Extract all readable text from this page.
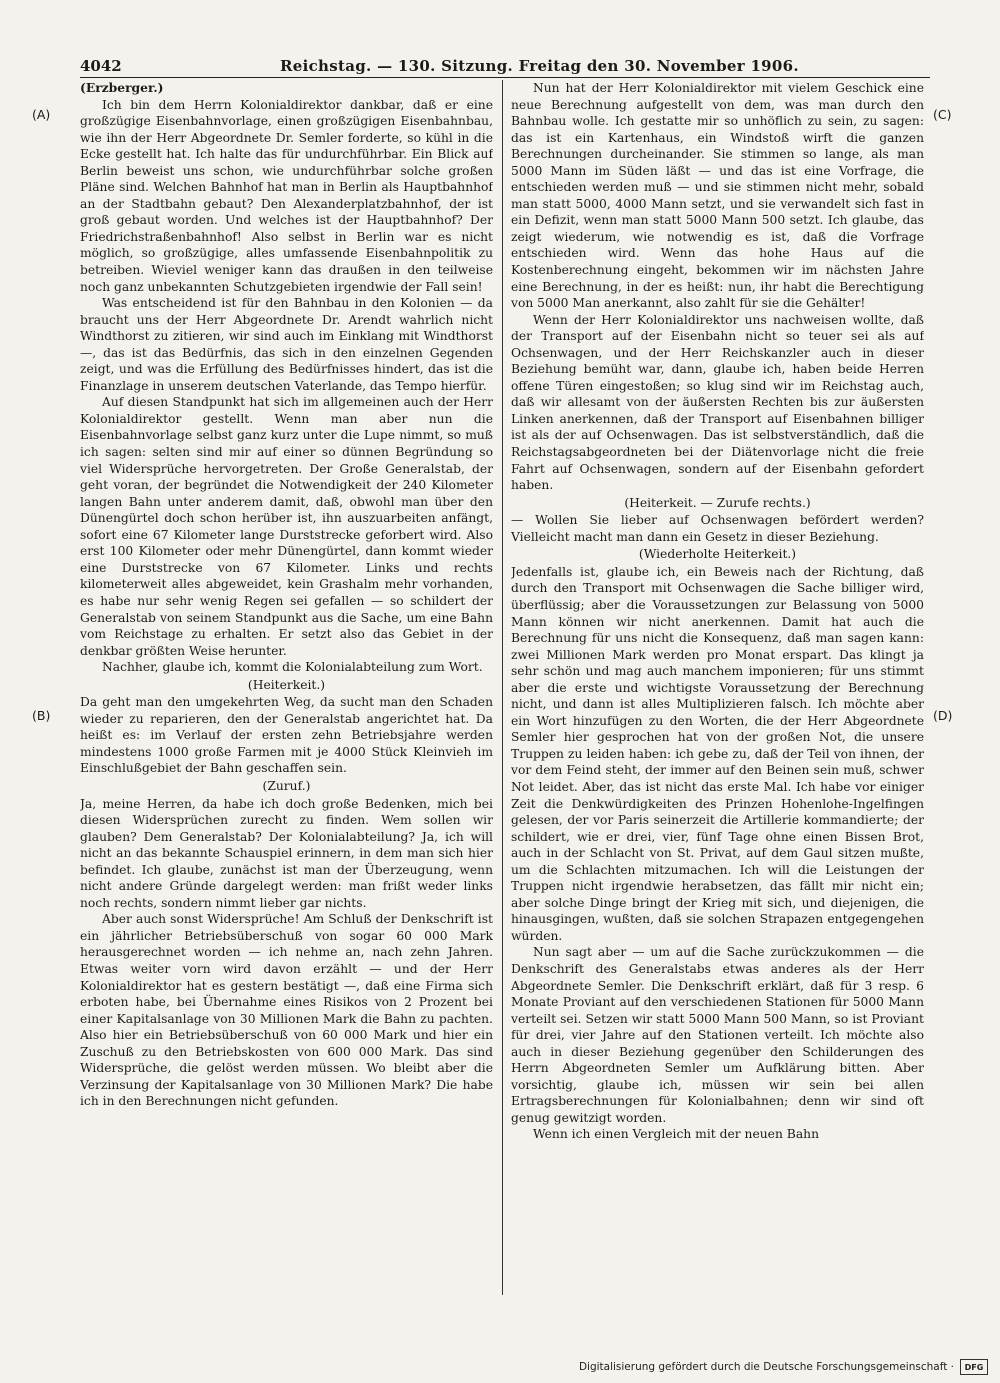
4042	Reichstag. — 130. Sitzung. Freitag den 30. November 1906.
(A)
(B)
(C)
(D)

(Erzberger.)

Ich bin dem Herrn Kolonialdirektor dankbar, daß er eine großzügige Eisenbahnvorlage, einen großzügigen Eisenbahnbau, wie ihn der Herr Abgeordnete Dr. Semler forderte, so kühl in die Ecke gestellt hat. Ich halte das für undurchführbar. Ein Blick auf Berlin beweist uns schon, wie undurchführbar solche großen Pläne sind. Welchen Bahnhof hat man in Berlin als Hauptbahnhof an der Stadtbahn gebaut? Den Alexanderplatzbahnhof, der ist groß gebaut worden. Und welches ist der Hauptbahnhof? Der Friedrichstraßenbahnhof! Also selbst in Berlin war es nicht möglich, so großzügige, alles umfassende Eisenbahnpolitik zu betreiben. Wieviel weniger kann das draußen in den teilweise noch ganz unbekannten Schutzgebieten irgendwie der Fall sein!

Was entscheidend ist für den Bahnbau in den Kolonien — da braucht uns der Herr Abgeordnete Dr. Arendt wahrlich nicht Windthorst zu zitieren, wir sind auch im Einklang mit Windthorst —, das ist das Bedürfnis, das sich in den einzelnen Gegenden zeigt, und was die Erfüllung des Bedürfnisses hindert, das ist die Finanzlage in unserem deutschen Vaterlande, das Tempo hierfür.

Auf diesen Standpunkt hat sich im allgemeinen auch der Herr Kolonialdirektor gestellt. Wenn man aber nun die Eisenbahnvorlage selbst ganz kurz unter die Lupe nimmt, so muß ich sagen: selten sind mir auf einer so dünnen Begründung so viel Widersprüche hervorgetreten. Der Große Generalstab, der geht voran, der begründet die Notwendigkeit der 240 Kilometer langen Bahn unter anderem damit, daß, obwohl man über den Dünengürtel doch schon herüber ist, ihn auszuarbeiten anfängt, sofort eine 67 Kilometer lange Durststrecke geforbert wird. Also erst 100 Kilometer oder mehr Dünengürtel, dann kommt wieder eine Durststrecke von 67 Kilometer. Links und rechts kilometerweit alles abgeweidet, kein Grashalm mehr vorhanden, es habe nur sehr wenig Regen sei gefallen — so schildert der Generalstab von seinem Standpunkt aus die Sache, um eine Bahn vom Reichstage zu erhalten. Er setzt also das Gebiet in der denkbar größten Weise herunter.

Nachher, glaube ich, kommt die Kolonialabteilung zum Wort.

(Heiterkeit.)

Da geht man den umgekehrten Weg, da sucht man den Schaden wieder zu reparieren, den der Generalstab angerichtet hat. Da heißt es: im Verlauf der ersten zehn Betriebsjahre werden mindestens 1000 große Farmen mit je 4000 Stück Kleinvieh im Einschlußgebiet der Bahn geschaffen sein.

(Zuruf.)

Ja, meine Herren, da habe ich doch große Bedenken, mich bei diesen Widersprüchen zurecht zu finden. Wem sollen wir glauben? Dem Generalstab? Der Kolonialabteilung? Ja, ich will nicht an das bekannte Schauspiel erinnern, in dem man sich hier befindet. Ich glaube, zunächst ist man der Überzeugung, wenn nicht andere Gründe dargelegt werden: man frißt weder links noch rechts, sondern nimmt lieber gar nichts.

Aber auch sonst Widersprüche! Am Schluß der Denkschrift ist ein jährlicher Betriebsüberschuß von sogar 60 000 Mark herausgerechnet worden — ich nehme an, nach zehn Jahren. Etwas weiter vorn wird davon erzählt — und der Herr Kolonialdirektor hat es gestern bestätigt —, daß eine Firma sich erboten habe, bei Übernahme eines Risikos von 2 Prozent bei einer Kapitalsanlage von 30 Millionen Mark die Bahn zu pachten. Also hier ein Betriebsüberschuß von 60 000 Mark und hier ein Zuschuß zu den Betriebskosten von 600 000 Mark. Das sind Widersprüche, die gelöst werden müssen. Wo bleibt aber die Verzinsung der Kapitalsanlage von 30 Millionen Mark? Die habe ich in den Berechnungen nicht gefunden.

Nun hat der Herr Kolonialdirektor mit vielem Geschick eine neue Berechnung aufgestellt von dem, was man durch den Bahnbau wolle. Ich gestatte mir so unhöflich zu sein, zu sagen: das ist ein Kartenhaus, ein Windstoß wirft die ganzen Berechnungen durcheinander. Sie stimmen so lange, als man 5000 Mann im Süden läßt — und das ist eine Vorfrage, die entschieden werden muß — und sie stimmen nicht mehr, sobald man statt 5000, 4000 Mann setzt, und sie verwandelt sich fast in ein Defizit, wenn man statt 5000 Mann 500 setzt. Ich glaube, das zeigt wiederum, wie notwendig es ist, daß die Vorfrage entschieden wird. Wenn das hohe Haus auf die Kostenberechnung eingeht, bekommen wir im nächsten Jahre eine Berechnung, in der es heißt: nun, ihr habt die Berechtigung von 5000 Man anerkannt, also zahlt für sie die Gehälter!

Wenn der Herr Kolonialdirektor uns nachweisen wollte, daß der Transport auf der Eisenbahn nicht so teuer sei als auf Ochsenwagen, und der Herr Reichskanzler auch in dieser Beziehung bemüht war, dann, glaube ich, haben beide Herren offene Türen eingestoßen; so klug sind wir im Reichstag auch, daß wir allesamt von der äußersten Rechten bis zur äußersten Linken anerkennen, daß der Transport auf Eisenbahnen billiger ist als der auf Ochsenwagen. Das ist selbstverständlich, daß die Reichstagsabgeordneten bei der Diätenvorlage nicht die freie Fahrt auf Ochsenwagen, sondern auf der Eisenbahn gefordert haben.

(Heiterkeit. — Zurufe rechts.)

— Wollen Sie lieber auf Ochsenwagen befördert werden? Vielleicht macht man dann ein Gesetz in dieser Beziehung.

(Wiederholte Heiterkeit.)

Jedenfalls ist, glaube ich, ein Beweis nach der Richtung, daß durch den Transport mit Ochsenwagen die Sache billiger wird, überflüssig; aber die Voraussetzungen zur Belassung von 5000 Mann können wir nicht anerkennen. Damit hat auch die Berechnung für uns nicht die Konsequenz, daß man sagen kann: zwei Millionen Mark werden pro Monat erspart. Das klingt ja sehr schön und mag auch manchem imponieren; für uns stimmt aber die erste und wichtigste Voraussetzung der Berechnung nicht, und dann ist alles Multiplizieren falsch. Ich möchte aber ein Wort hinzufügen zu den Worten, die der Herr Abgeordnete Semler hier gesprochen hat von der großen Not, die unsere Truppen zu leiden haben: ich gebe zu, daß der Teil von ihnen, der vor dem Feind steht, der immer auf den Beinen sein muß, schwer Not leidet. Aber, das ist nicht das erste Mal. Ich habe vor einiger Zeit die Denkwürdigkeiten des Prinzen Hohenlohe-Ingelfingen gelesen, der vor Paris seinerzeit die Artillerie kommandierte; der schildert, wie er drei, vier, fünf Tage ohne einen Bissen Brot, auch in der Schlacht von St. Privat, auf dem Gaul sitzen mußte, um die Schlachten mitzumachen. Ich will die Leistungen der Truppen nicht irgendwie herabsetzen, das fällt mir nicht ein; aber solche Dinge bringt der Krieg mit sich, und diejenigen, die hinausgingen, wußten, daß sie solchen Strapazen entgegengehen würden.

Nun sagt aber — um auf die Sache zurückzukommen — die Denkschrift des Generalstabs etwas anderes als der Herr Abgeordnete Semler. Die Denkschrift erklärt, daß für 3 resp. 6 Monate Proviant auf den verschiedenen Stationen für 5000 Mann verteilt sei. Setzen wir statt 5000 Mann 500 Mann, so ist Proviant für drei, vier Jahre auf den Stationen verteilt. Ich möchte also auch in dieser Beziehung gegenüber den Schilderungen des Herrn Abgeordneten Semler um Aufklärung bitten. Aber vorsichtig, glaube ich, müssen wir sein bei allen Ertragsberechnungen für Kolonialbahnen; denn wir sind oft genug gewitzigt worden.

Wenn ich einen Vergleich mit der neuen Bahn

Digitalisierung gefördert durch die Deutsche Forschungsgemeinschaft ·	DFG
